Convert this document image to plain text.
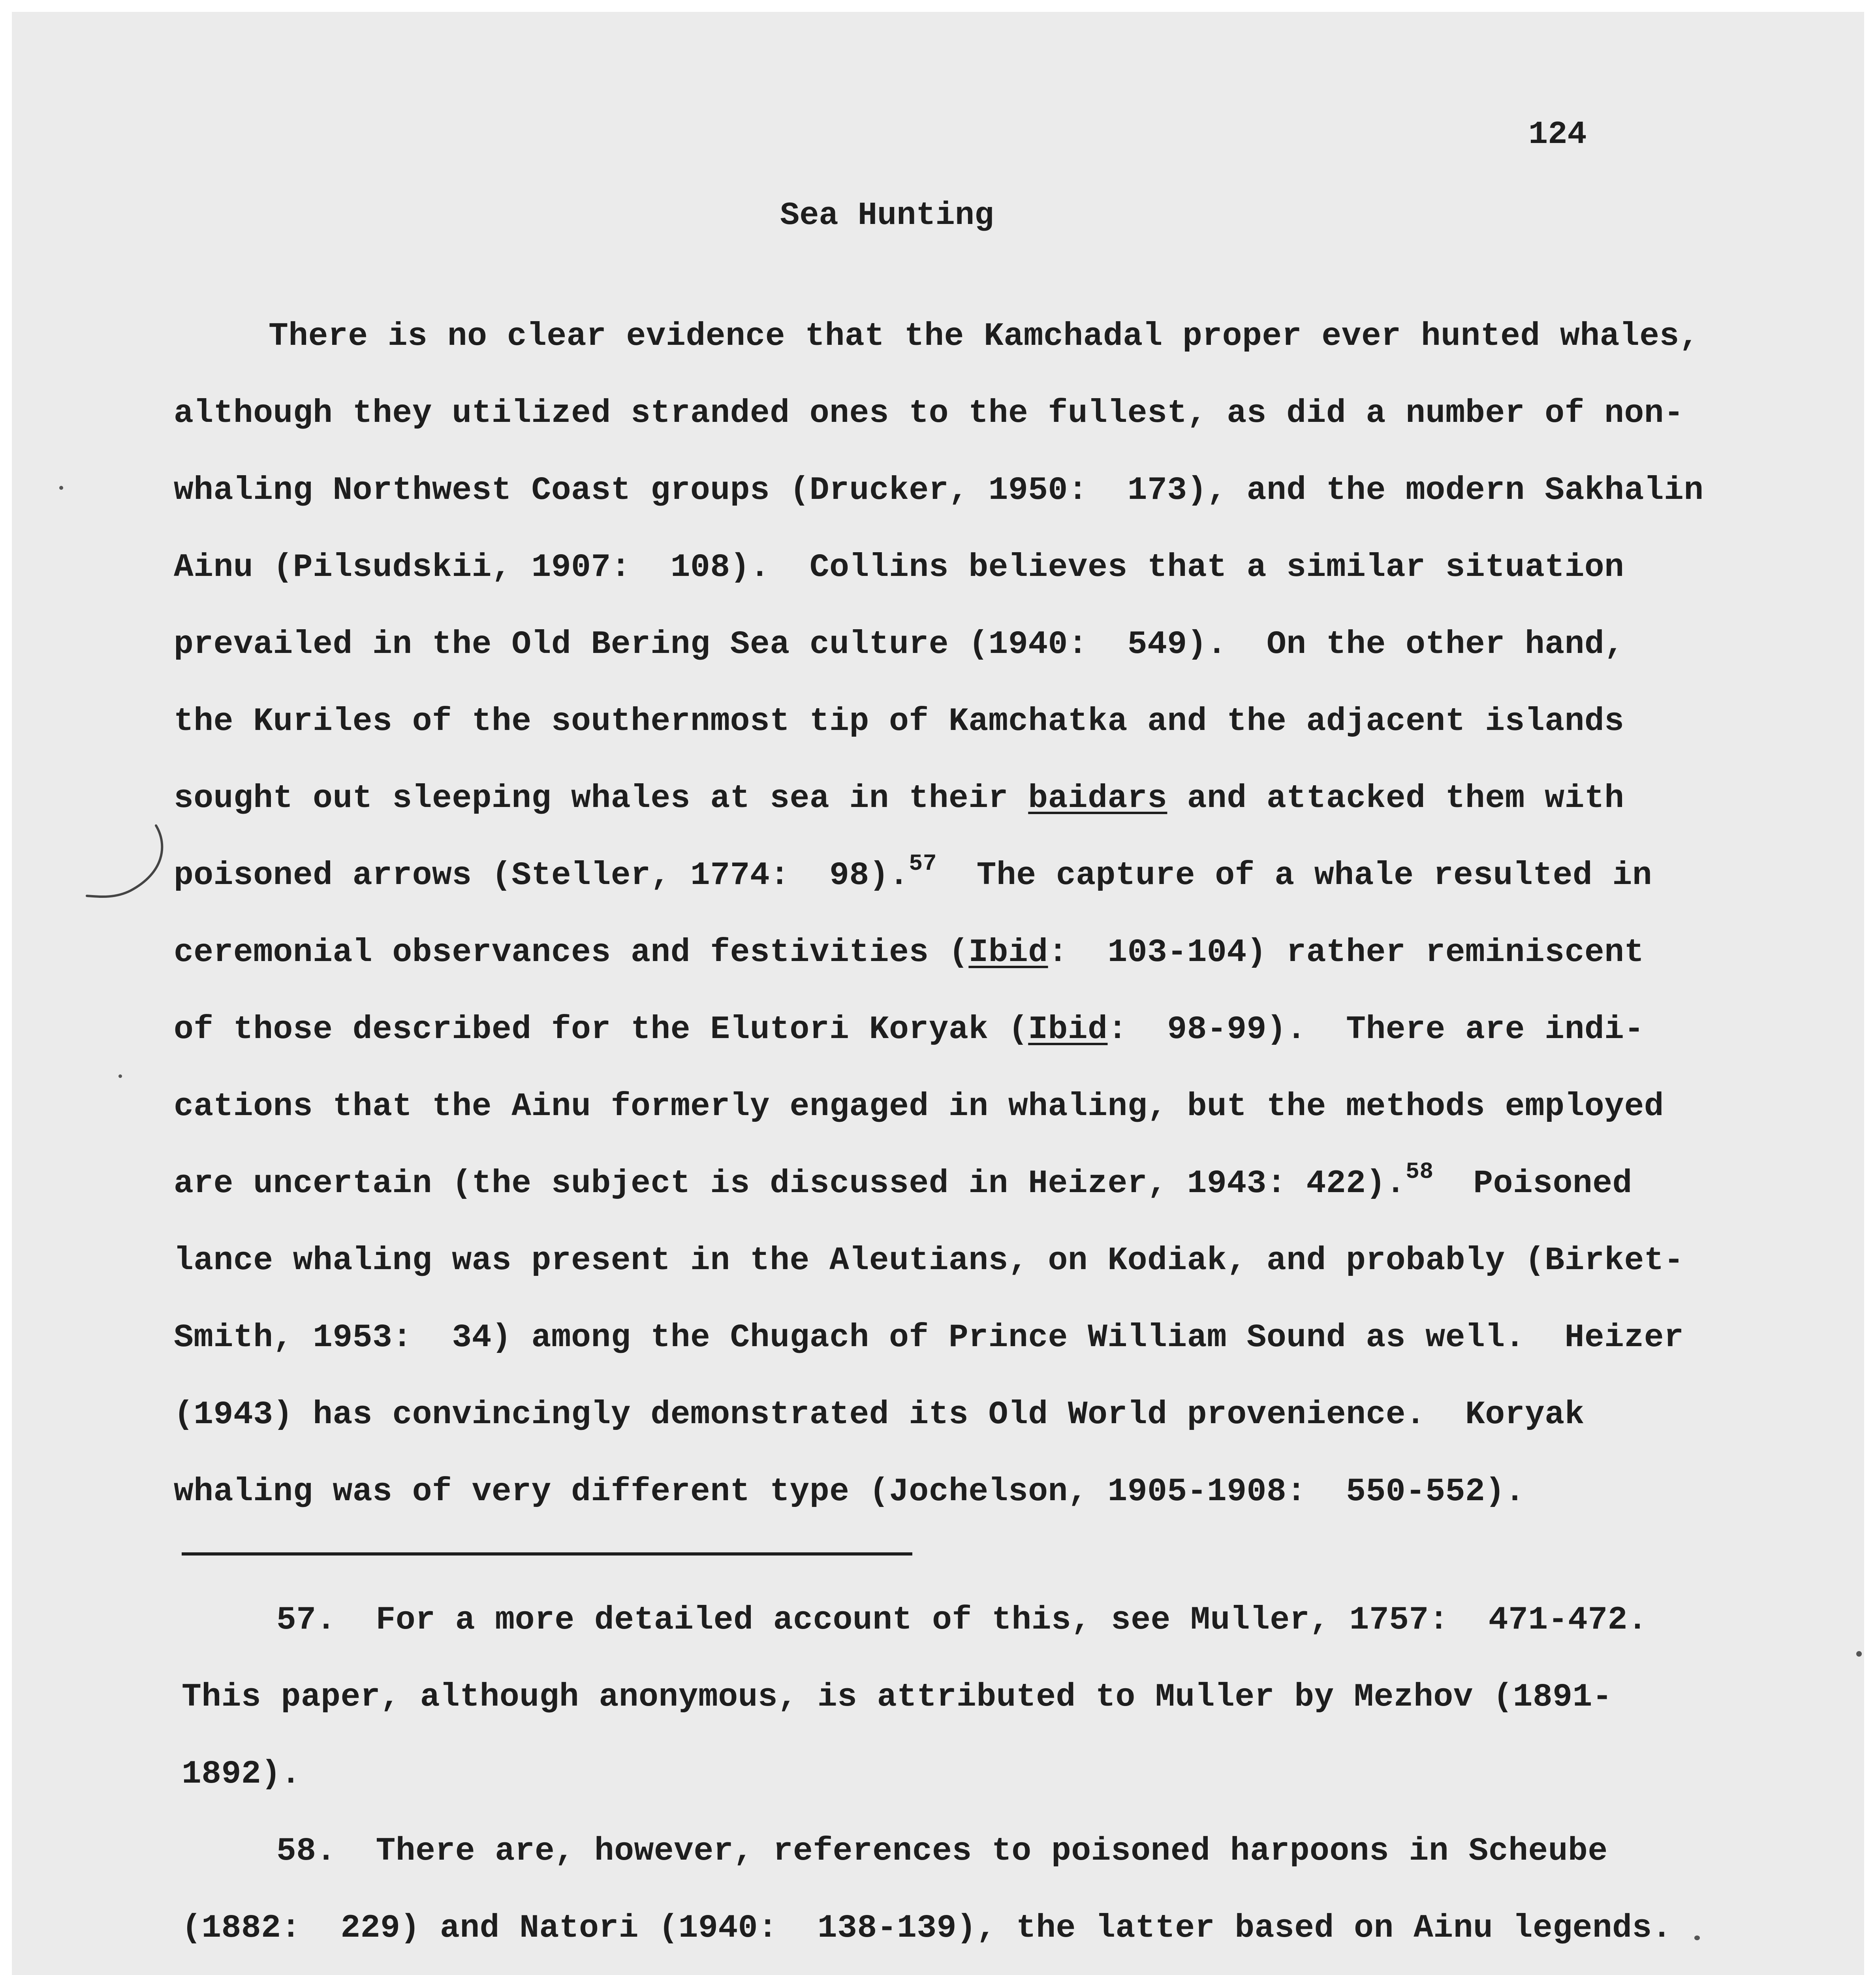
124
Sea Hunting
There is no clear evidence that the Kamchadal proper ever hunted whales,
although they utilized stranded ones to the fullest, as did a number of non-
whaling Northwest Coast groups (Drucker, 1950:  173), and the modern Sakhalin
Ainu (Pilsudskii, 1907:  108).  Collins believes that a similar situation
prevailed in the Old Bering Sea culture (1940:  549).  On the other hand,
the Kuriles of the southernmost tip of Kamchatka and the adjacent islands
sought out sleeping whales at sea in their baidars and attacked them with
poisoned arrows (Steller, 1774:  98).$^{57}$  The capture of a whale resulted in
ceremonial observances and festivities (Ibid:  103-104) rather reminiscent
of those described for the Elutori Koryak (Ibid:  98-99).  There are indi-
cations that the Ainu formerly engaged in whaling, but the methods employed
are uncertain (the subject is discussed in Heizer, 1943: 422).$^{58}$  Poisoned
lance whaling was present in the Aleutians, on Kodiak, and probably (Birket-
Smith, 1953:  34) among the Chugach of Prince William Sound as well.  Heizer
(1943) has convincingly demonstrated its Old World provenience.  Koryak
whaling was of very different type (Jochelson, 1905-1908:  550-552).
57.  For a more detailed account of this, see Muller, 1757:  471-472.
This paper, although anonymous, is attributed to Muller by Mezhov (1891-
1892).
58.  There are, however, references to poisoned harpoons in Scheube
(1882:  229) and Natori (1940:  138-139), the latter based on Ainu legends.
